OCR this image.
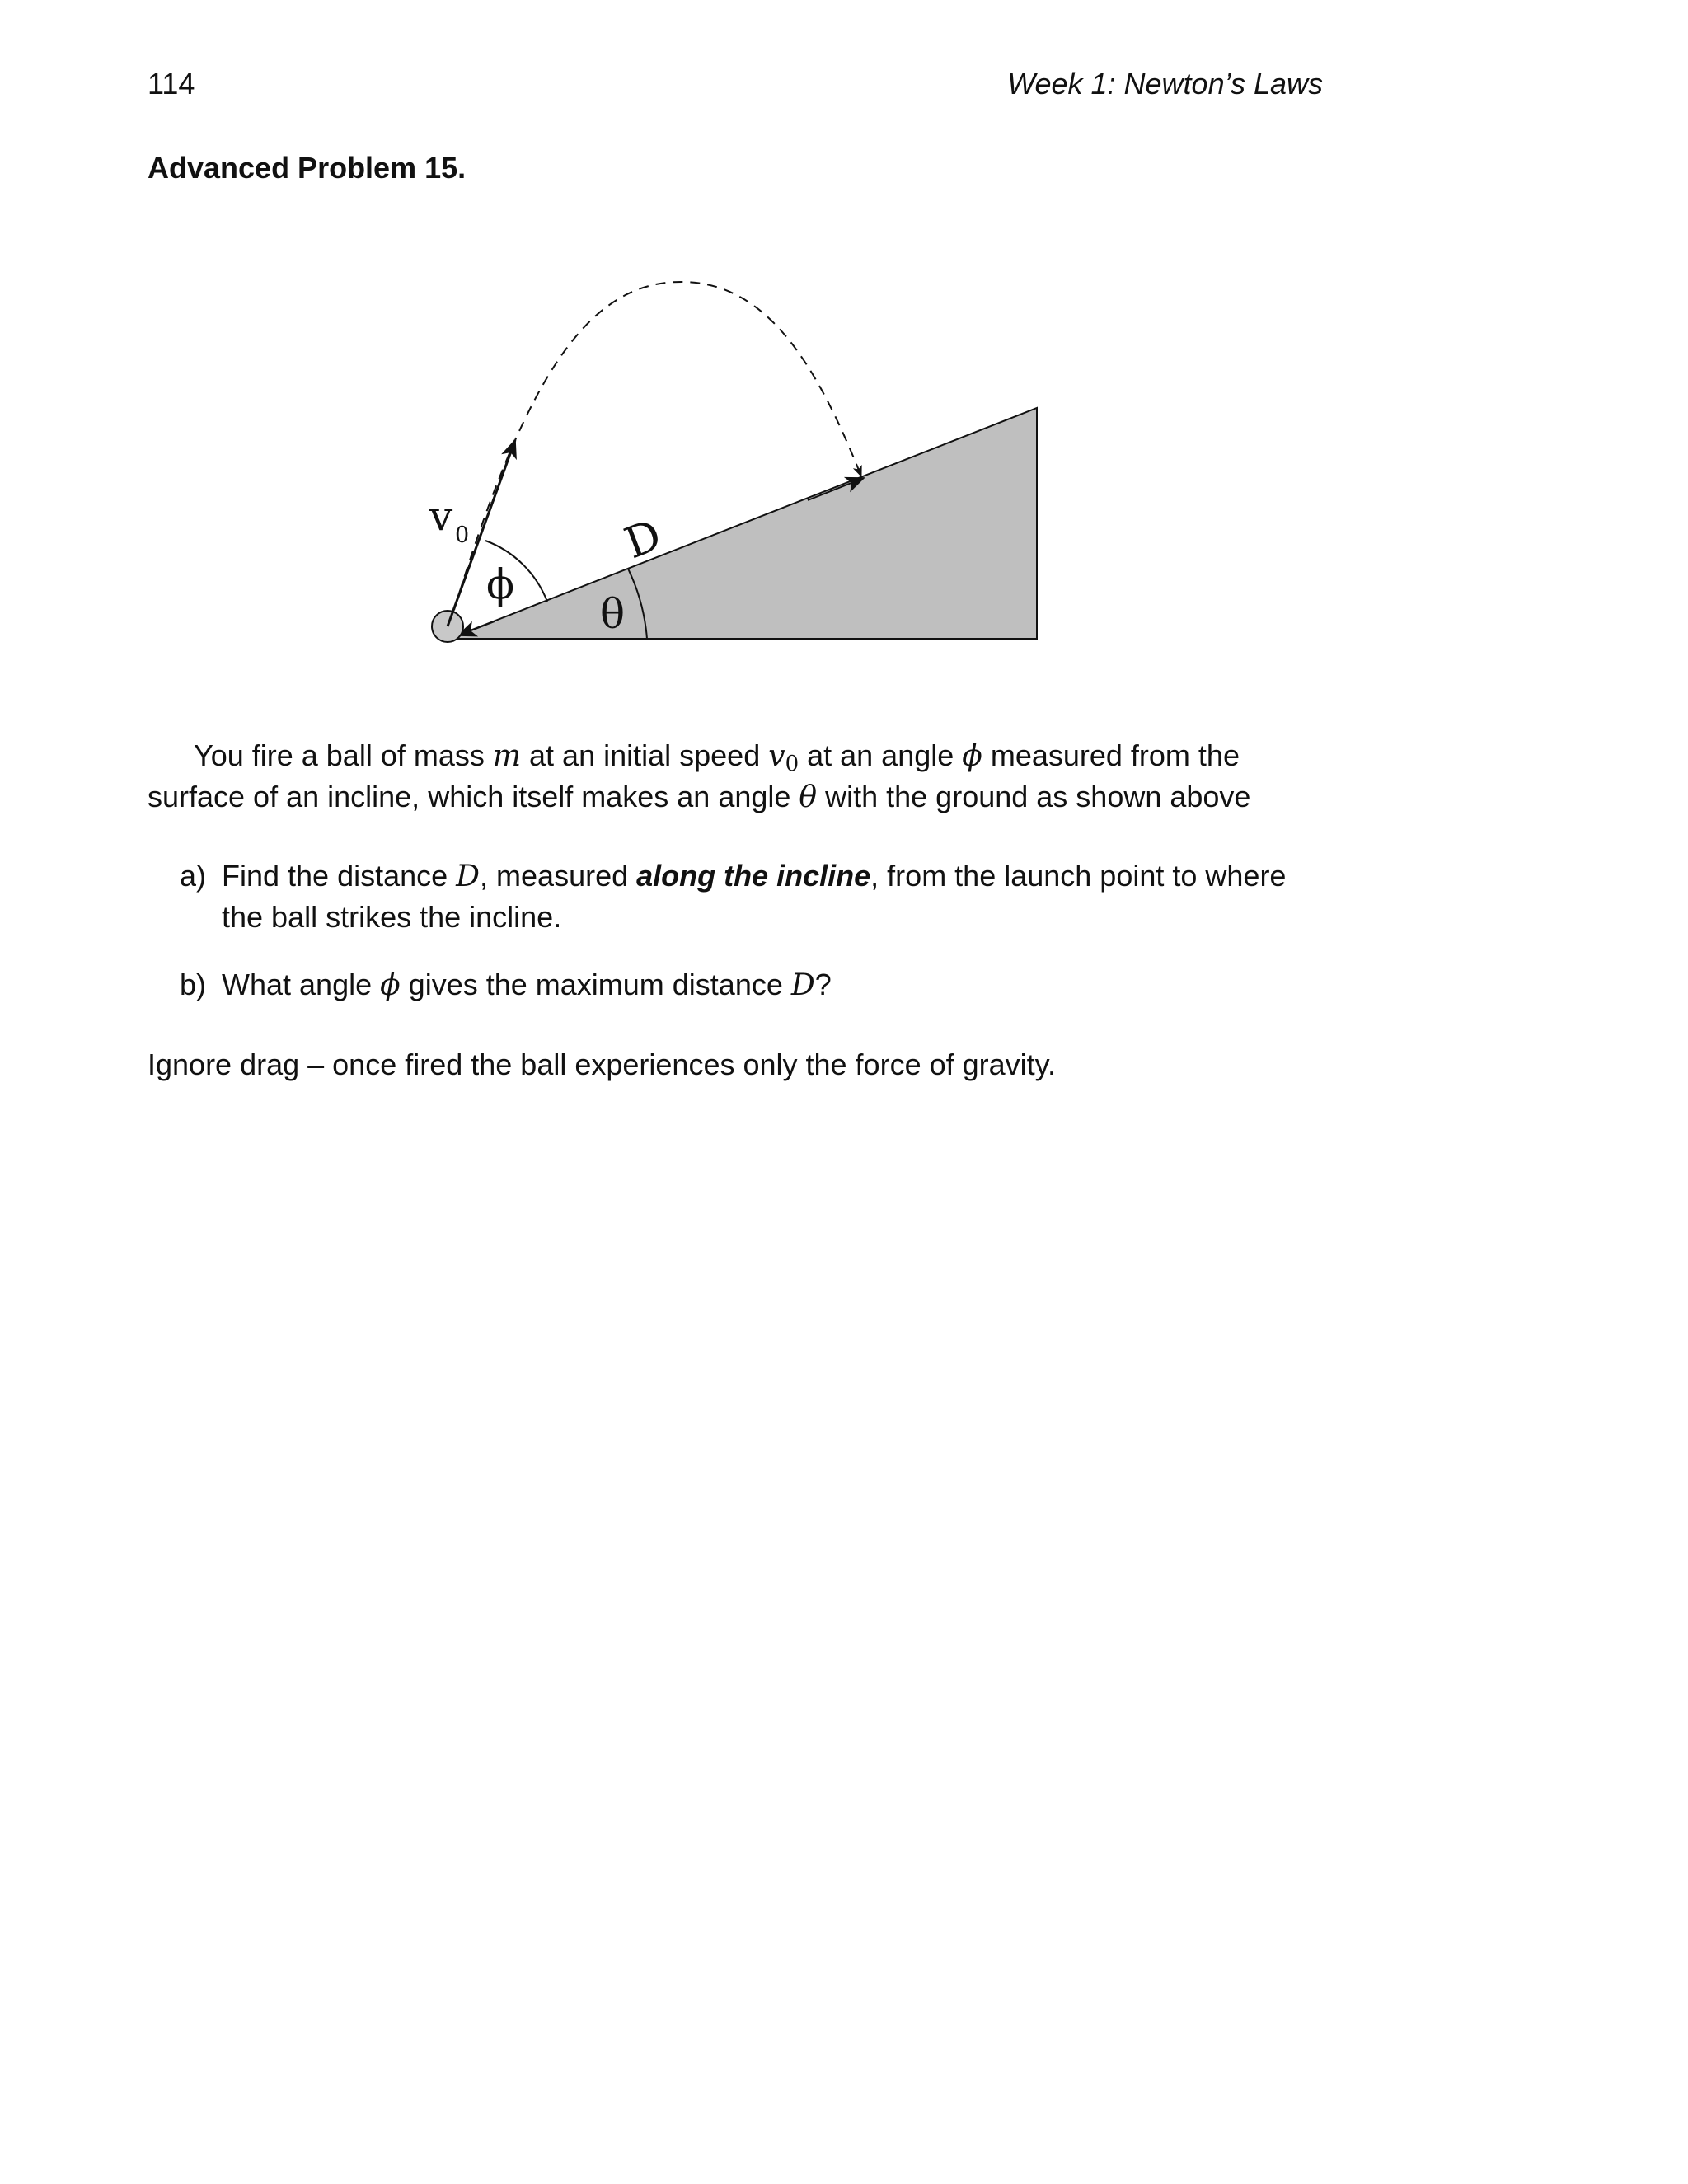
114	Week 1: Newton’s Laws
Advanced Problem 15.
v 0
ϕ
θ
D

You fire a ball of mass m at an initial speed $v_0$ at an angle ϕ measured from the surface of an incline, which itself makes an angle θ with the ground as shown above

a) Find the distance D, measured along the incline, from the launch point to where the ball strikes the incline.
b) What angle ϕ gives the maximum distance D?
Ignore drag – once fired the ball experiences only the force of gravity.
